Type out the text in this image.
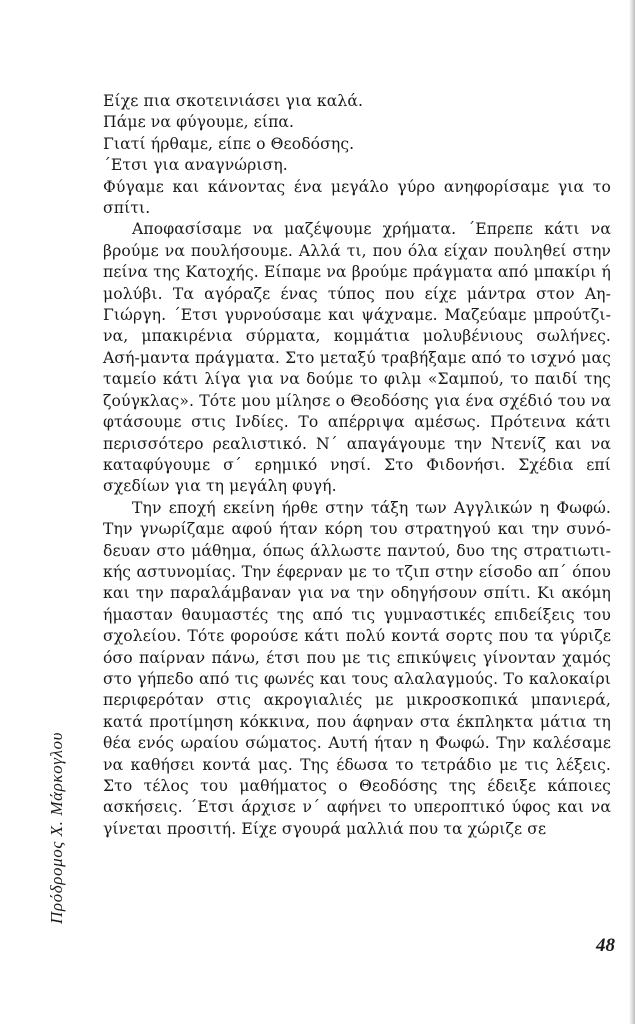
Είχε πια σκοτεινιάσει για καλά.

Πάμε να φύγουμε, είπα.

Γιατί ήρθαμε, είπε ο Θεοδόσης.

΄Ετσι για αναγνώριση.

Φύγαμε και κάνοντας ένα μεγάλο γύρο ανηφορίσαμε για το σπίτι.

Αποφασίσαμε να μαζέψουμε χρήματα. ΄Επρεπε κάτι να βρούμε να πουλήσουμε. Αλλά τι, που όλα είχαν πουληθεί στην πείνα της Κατοχής. Είπαμε να βρούμε πράγματα από μπακίρι ή μολύβι. Τα αγόραζε ένας τύπος που είχε μάντρα στον Αη-Γιώργη. ΄Ετσι γυρνούσαμε και ψάχναμε. Μαζεύαμε μπρούτζι-να, μπακιρένια σύρματα, κομμάτια μολυβένιους σωλήνες. Ασή-μαντα πράγματα. Στο μεταξύ τραβήξαμε από το ισχνό μας ταμείο κάτι λίγα για να δούμε το φιλμ «Σαμπού, το παιδί της ζούγκλας». Τότε μου μίλησε ο Θεοδόσης για ένα σχέδιό του να φτάσουμε στις Ινδίες. Το απέρριψα αμέσως. Πρότεινα κάτι περισσότερο ρεαλιστικό. Ν΄ απαγάγουμε την Ντενίζ και να καταφύγουμε σ΄ ερημικό νησί. Στο Φιδονήσι. Σχέδια επί σχεδίων για τη μεγάλη φυγή.

Την εποχή εκείνη ήρθε στην τάξη των Αγγλικών η Φωφώ. Την γνωρίζαμε αφού ήταν κόρη του στρατηγού και την συνό-δευαν στο μάθημα, όπως άλλωστε παντού, δυο της στρατιωτι-κής αστυνομίας. Την έφερναν με το τζιπ στην είσοδο απ΄ όπου και την παραλάμβαναν για να την οδηγήσουν σπίτι. Κι ακόμη ήμασταν θαυμαστές της από τις γυμναστικές επιδείξεις του σχολείου. Τότε φορούσε κάτι πολύ κοντά σορτς που τα γύριζε όσο παίρναν πάνω, έτσι που με τις επικύψεις γίνονταν χαμός στο γήπεδο από τις φωνές και τους αλαλαγμούς. Το καλοκαίρι περιφερόταν στις ακρογιαλιές με μικροσκοπικά μπανιερά, κατά προτίμηση κόκκινα, που άφηναν στα έκπληκτα μάτια τη θέα ενός ωραίου σώματος. Αυτή ήταν η Φωφώ. Την καλέσαμε να καθήσει κοντά μας. Της έδωσα το τετράδιο με τις λέξεις. Στο τέλος του μαθήματος ο Θεοδόσης της έδειξε κάποιες ασκήσεις. ΄Ετσι άρχισε ν΄ αφήνει το υπεροπτικό ύφος και να γίνεται προσιτή. Είχε σγουρά μαλλιά που τα χώριζε σε

Πρόδρομος Χ. Μάρκογλου
48
